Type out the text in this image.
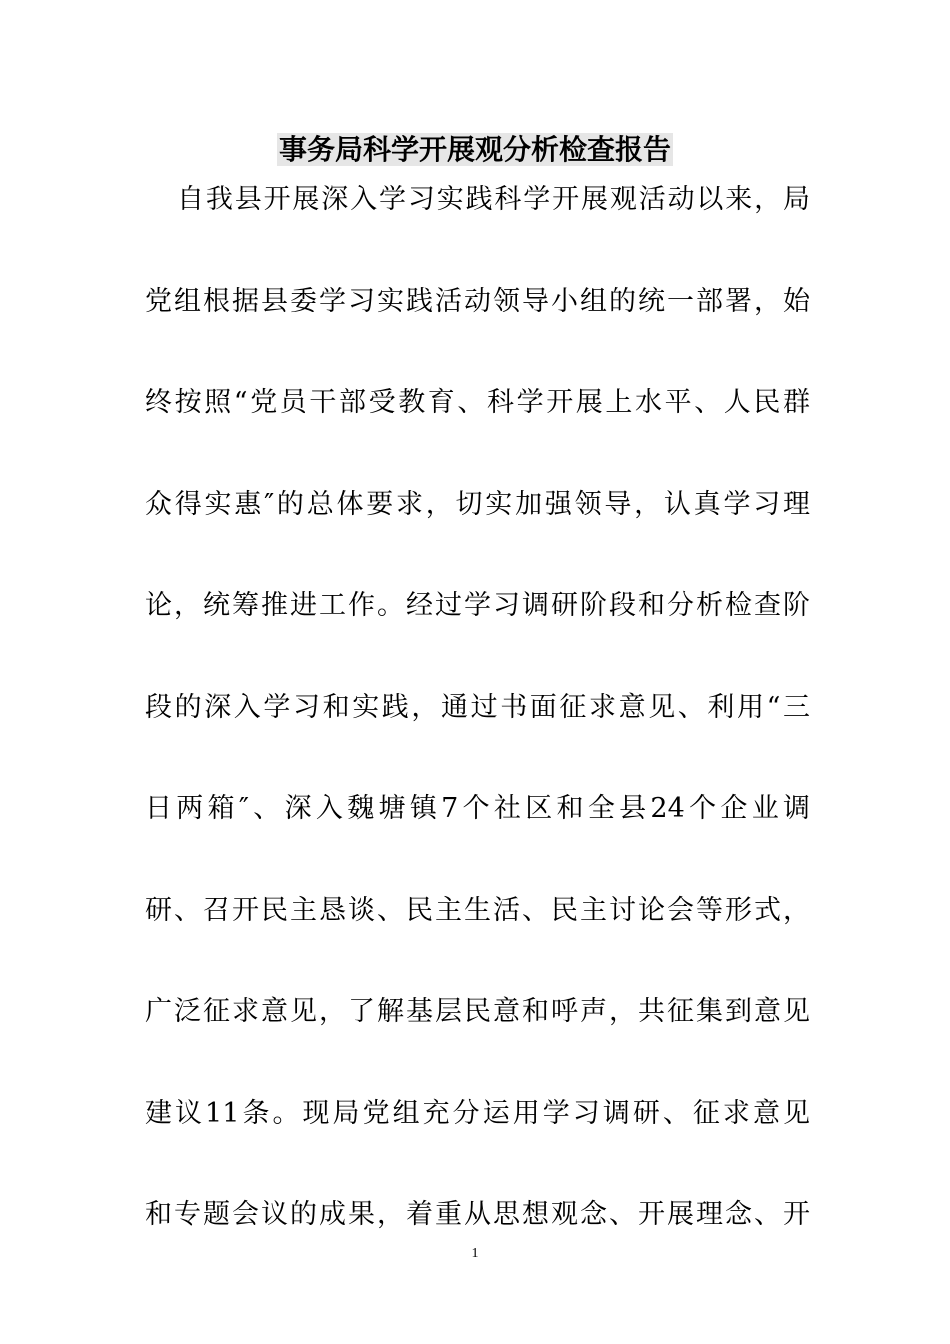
事务局科学开展观分析检查报告
自我县开展深入学习实践科学开展观活动以来，局
党组根据县委学习实践活动领导小组的统一部署，始
终按照“党员干部受教育、科学开展上水平、人民群
众得实惠″的总体要求，切实加强领导，认真学习理
论，统筹推进工作。经过学习调研阶段和分析检查阶
段的深入学习和实践，通过书面征求意见、利用“三
日两箱″、深入魏塘镇7个社区和全县24个企业调
研、召开民主恳谈、民主生活、民主讨论会等形式，
广泛征求意见，了解基层民意和呼声，共征集到意见
建议11条。现局党组充分运用学习调研、征求意见
和专题会议的成果，着重从思想观念、开展理念、开
1
